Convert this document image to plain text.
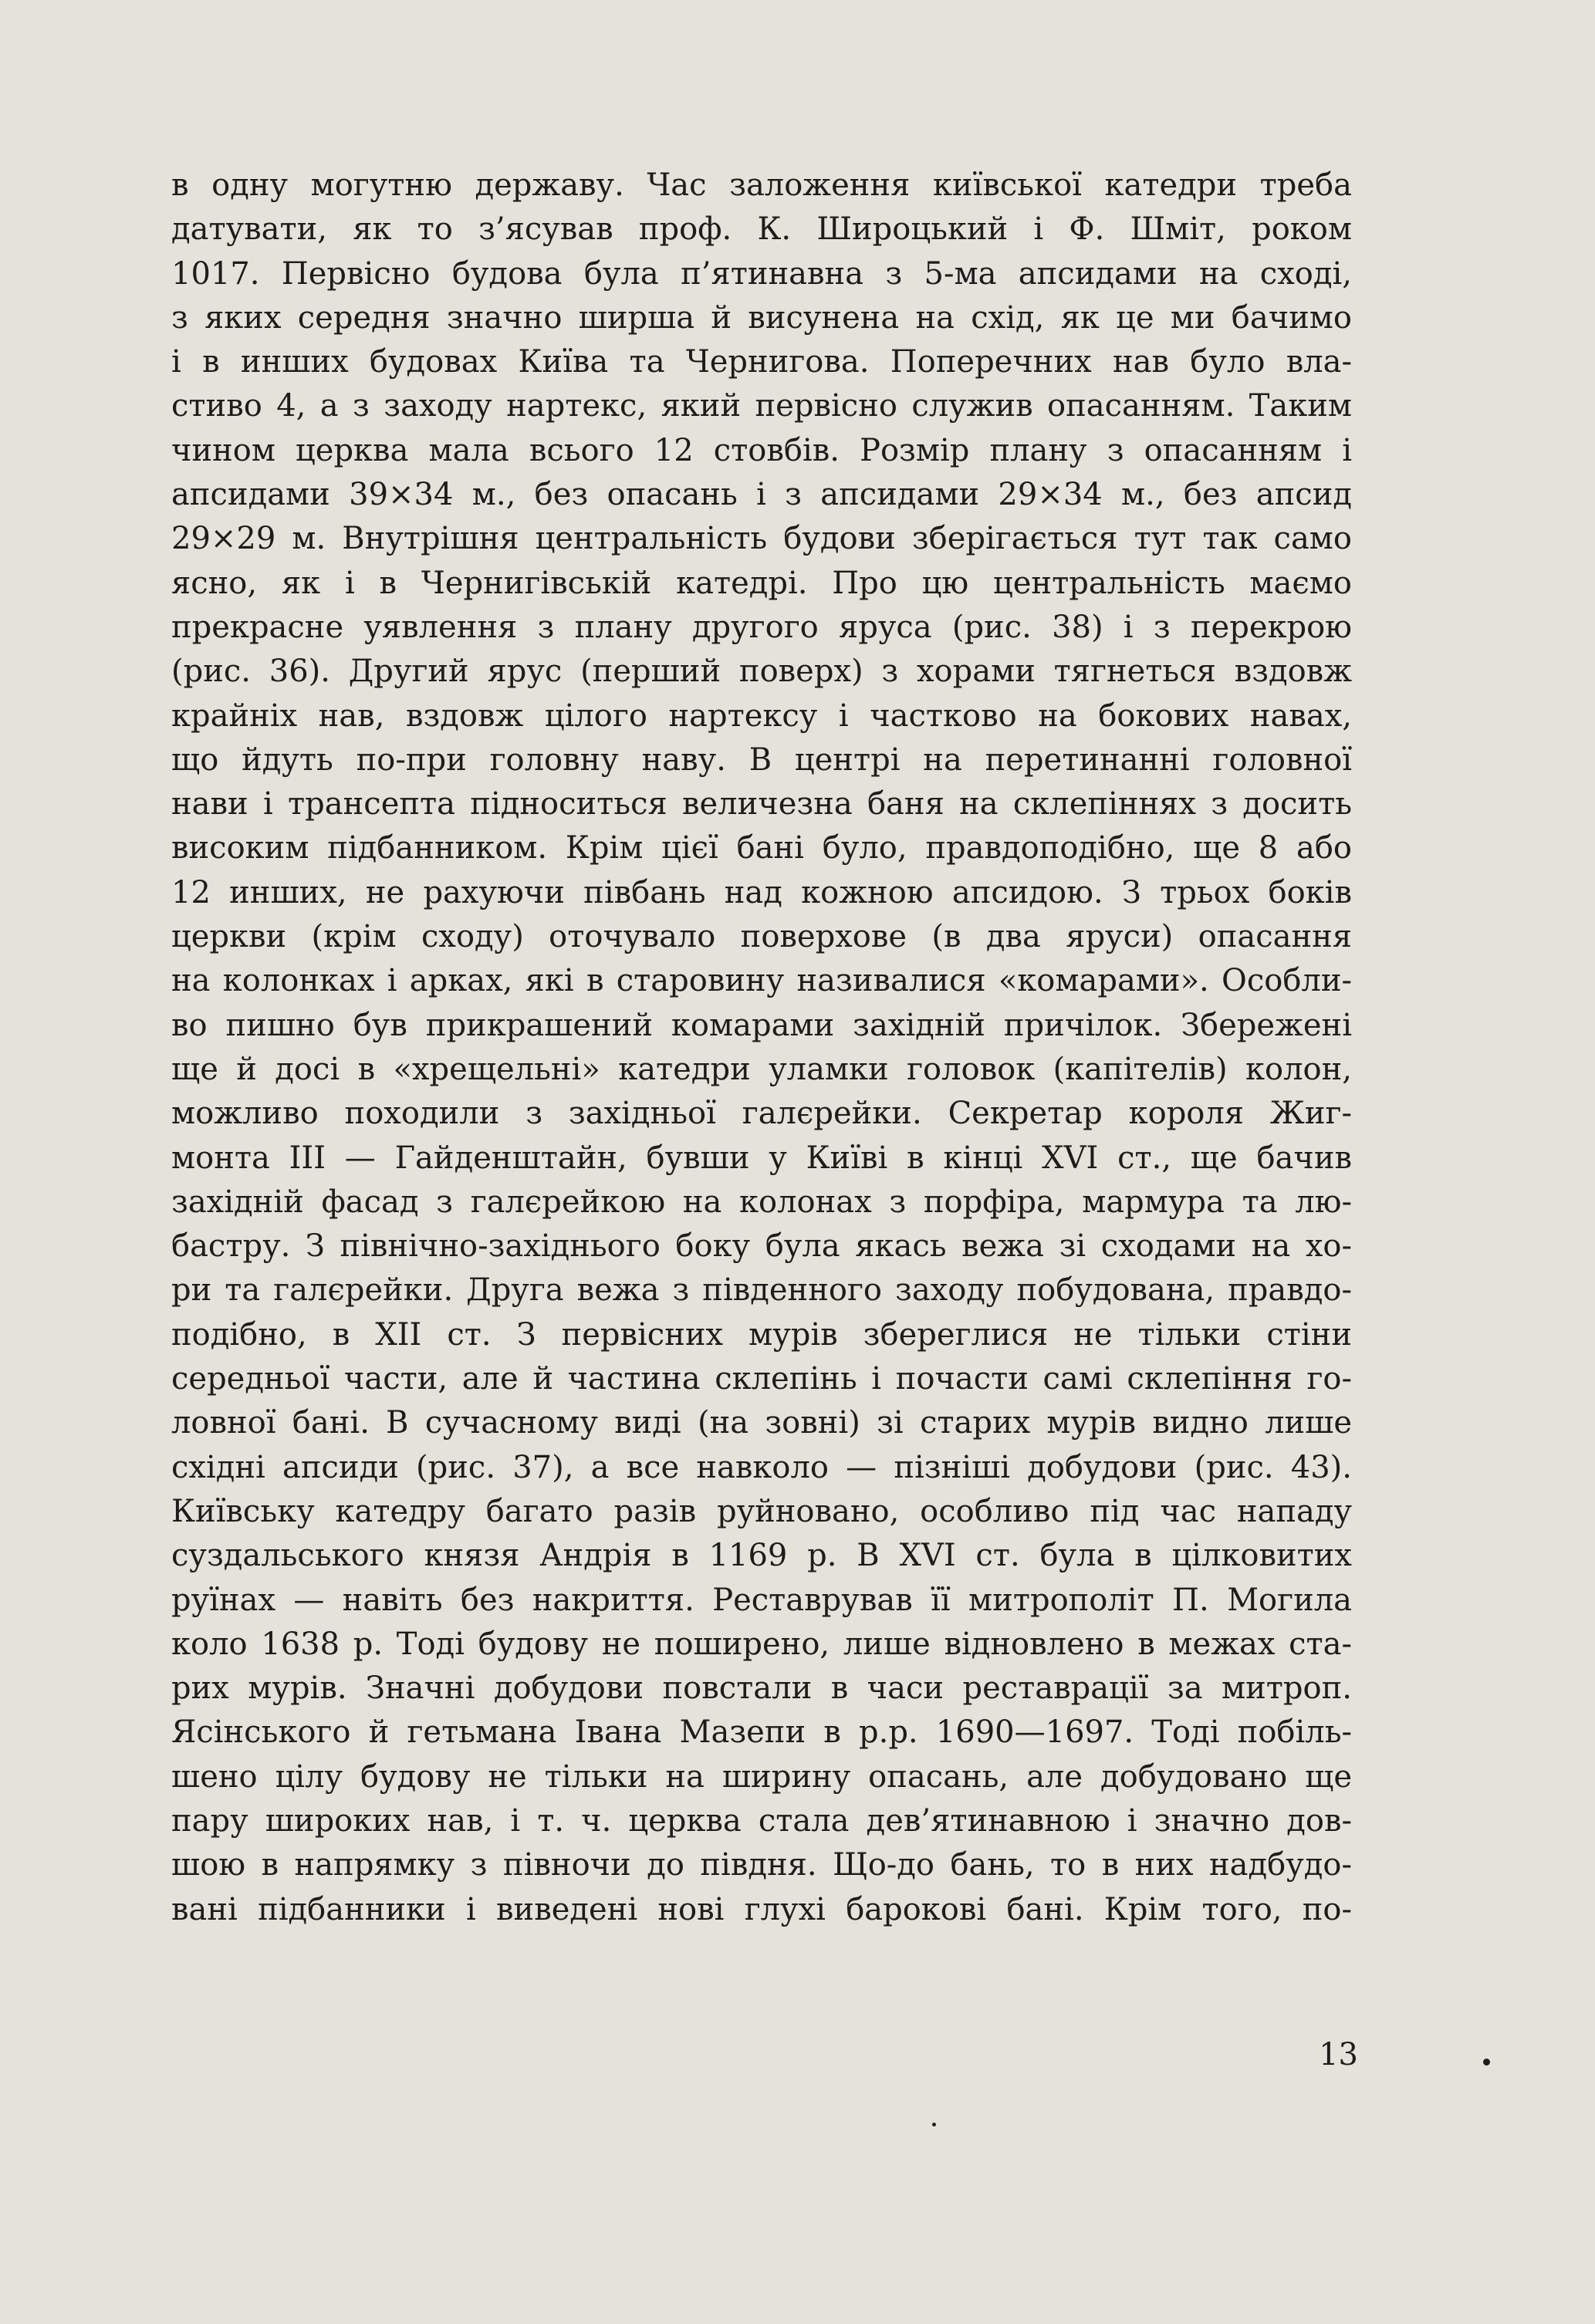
в одну могутню державу. Час заложення київської катедри треба
датувати, як то з’ясував проф. К. Широцький і Ф. Шміт, роком
1017. Первісно будова була п’ятинавна з 5-ма апсидами на сході,
з яких середня значно ширша й висунена на схід, як це ми бачимо
і в инших будовах Київа та Чернигова. Поперечних нав було вла-
стиво 4, а з заходу нартекс, який первісно служив опасанням. Таким
чином церква мала всього 12 стовбів. Розмір плану з опасанням і
апсидами 39×34 м., без опасань і з апсидами 29×34 м., без апсид
29×29 м. Внутрішня центральність будови зберігається тут так само
ясно, як і в Чернигівській катедрі. Про цю центральність маємо
прекрасне уявлення з плану другого яруса (рис. 38) і з перекрою
(рис. 36). Другий ярус (перший поверх) з хорами тягнеться вздовж
крайніх нав, вздовж цілого нартексу і частково на бокових навах,
що йдуть по-при головну наву. В центрі на перетинанні головної
нави і трансепта підноситься величезна баня на склепіннях з досить
високим підбанником. Крім цієї бані було, правдоподібно, ще 8 або
12 инших, не рахуючи півбань над кожною апсидою. З трьох боків
церкви (крім сходу) оточувало поверхове (в два яруси) опасання
на колонках і арках, які в старовину називалися «комарами». Особли-
во пишно був прикрашений комарами західній причілок. Збережені
ще й досі в «хрещельні» катедри уламки головок (капітелів) колон,
можливо походили з західньої галєрейки. Секретар короля Жиг-
монта III — Гайденштайн, бувши у Київі в кінці XVI ст., ще бачив
західній фасад з галєрейкою на колонах з порфіра, мармура та лю-
бастру. З північно-західнього боку була якась вежа зі сходами на хо-
ри та галєрейки. Друга вежа з південного заходу побудована, правдо-
подібно, в XII ст. З первісних мурів збереглися не тільки стіни
середньої части, але й частина склепінь і почасти самі склепіння го-
ловної бані. В сучасному виді (на зовні) зі старих мурів видно лише
східні апсиди (рис. 37), а все навколо — пізніші добудови (рис. 43).
Київську катедру багато разів руйновано, особливо під час нападу
суздальського князя Андрія в 1169 р. В XVI ст. була в цілковитих
руїнах — навіть без накриття. Реставрував її митрополіт П. Могила
коло 1638 р. Тоді будову не поширено, лише відновлено в межах ста-
рих мурів. Значні добудови повстали в часи реставрації за митроп.
Ясінського й гетьмана Івана Мазепи в р.р. 1690—1697. Тоді побіль-
шено цілу будову не тільки на ширину опасань, але добудовано ще
пару широких нав, і т. ч. церква стала дев’ятинавною і значно дов-
шою в напрямку з півночи до півдня. Що-до бань, то в них надбудо-
вані підбанники і виведені нові глухі барокові бані. Крім того, по-
13
